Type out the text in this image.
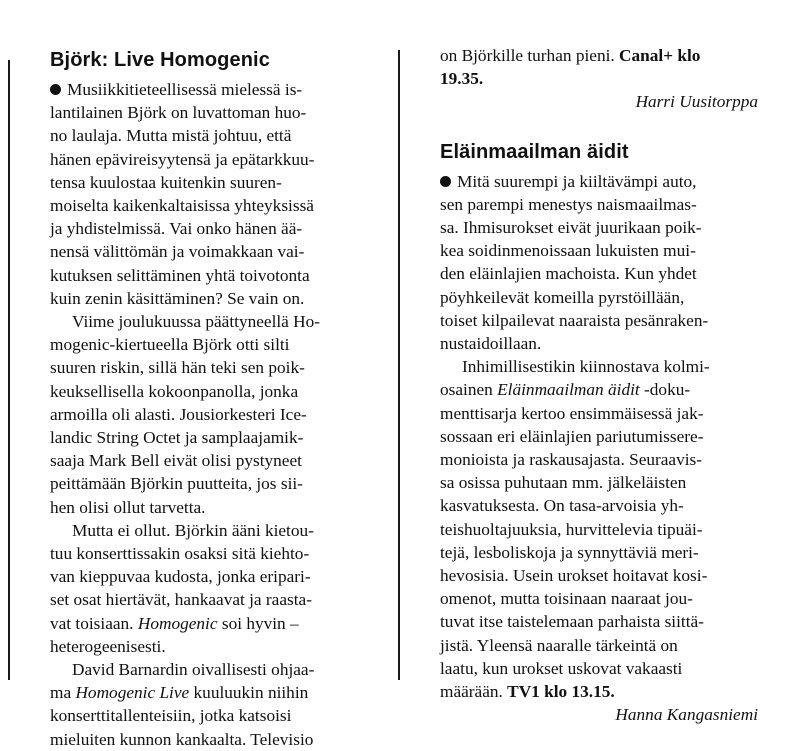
Björk: Live Homogenic
Musiikkitieteellisessä mielessä is-
lantilainen Björk on luvattoman huo-
no laulaja. Mutta mistä johtuu, että
hänen epävireisyytensä ja epätarkkuu-
tensa kuulostaa kuitenkin suuren-
moiselta kaikenkaltaisissa yhteyksissä
ja yhdistelmissä. Vai onko hänen ää-
nensä välittömän ja voimakkaan vai-
kutuksen selittäminen yhtä toivotonta
kuin zenin käsittäminen? Se vain on.
Viime joulukuussa päättyneellä Ho-
mogenic-kiertueella Björk otti silti
suuren riskin, sillä hän teki sen poik-
keuksellisella kokoonpanolla, jonka
armoilla oli alasti. Jousiorkesteri Ice-
landic String Octet ja samplaajamik-
saaja Mark Bell eivät olisi pystyneet
peittämään Björkin puutteita, jos sii-
hen olisi ollut tarvetta.
Mutta ei ollut. Björkin ääni kietou-
tuu konserttissakin osaksi sitä kiehto-
van kieppuvaa kudosta, jonka eripari-
set osat hiertävät, hankaavat ja raasta-
vat toisiaan. Homogenic soi hyvin –
heterogeenisesti.
David Barnardin oivallisesti ohjaa-
ma Homogenic Live kuuluukin niihin
konserttitallenteisiin, jotka katsoisi
mieluiten kunnon kankaalta. Televisio
on Björkille turhan pieni. Canal+ klo
19.35.
Harri Uusitorppa
Eläinmaailman äidit
Mitä suurempi ja kiiltävämpi auto,
sen parempi menestys naismaailmas-
sa. Ihmisurokset eivät juurikaan poik-
kea soidinmenoissaan lukuisten mui-
den eläinlajien machoista. Kun yhdet
pöyhkeilevät komeilla pyrstöillään,
toiset kilpailevat naaraista pesänraken-
nustaidoillaan.
Inhimillisestikin kiinnostava kolmi-
osainen Eläinmaailman äidit -doku-
menttisarja kertoo ensimmäisessä jak-
sossaan eri eläinlajien pariutumissere-
monioista ja raskausajasta. Seuraavis-
sa osissa puhutaan mm. jälkeläisten
kasvatuksesta. On tasa-arvoisia yh-
teishuoltajuuksia, hurvittelevia tipuäi-
tejä, lesboliskoja ja synnyttäviä meri-
hevosisia. Usein urokset hoitavat kosi-
omenot, mutta toisinaan naaraat jou-
tuvat itse taistelemaan parhaista siittä-
jistä. Yleensä naaralle tärkeintä on
laatu, kun urokset uskovat vakaasti
määrään. TV1 klo 13.15.
Hanna Kangasniemi
